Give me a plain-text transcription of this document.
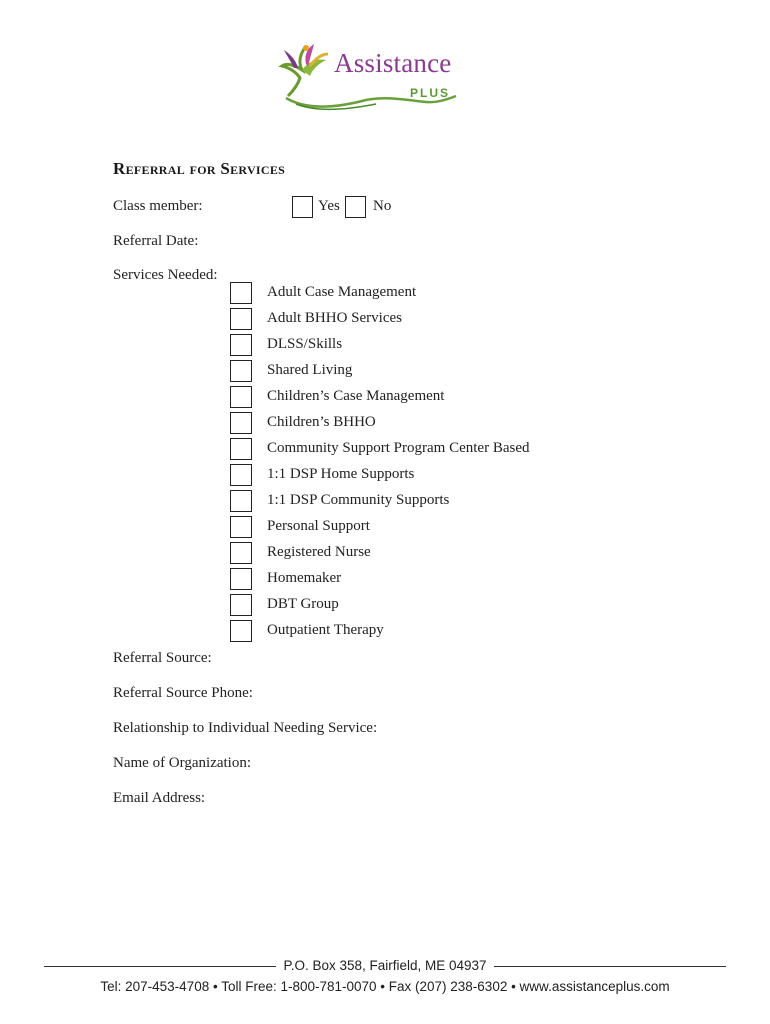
Assistance
PLUS
Referral for Services
Class member:	Yes No
Referral Date:
Services Needed:
Adult Case Management
Adult BHHO Services
DLSS/Skills
Shared Living
Children’s Case Management
Children’s BHHO
Community Support Program Center Based
1:1 DSP Home Supports
1:1 DSP Community Supports
Personal Support
Registered Nurse
Homemaker
DBT Group
Outpatient Therapy
Referral Source:
Referral Source Phone:
Relationship to Individual Needing Service:
Name of Organization:
Email Address:
P.O. Box 358, Fairfield, ME 04937
Tel: 207-453-4708 • Toll Free: 1-800-781-0070 • Fax (207) 238-6302 • www.assistanceplus.com
